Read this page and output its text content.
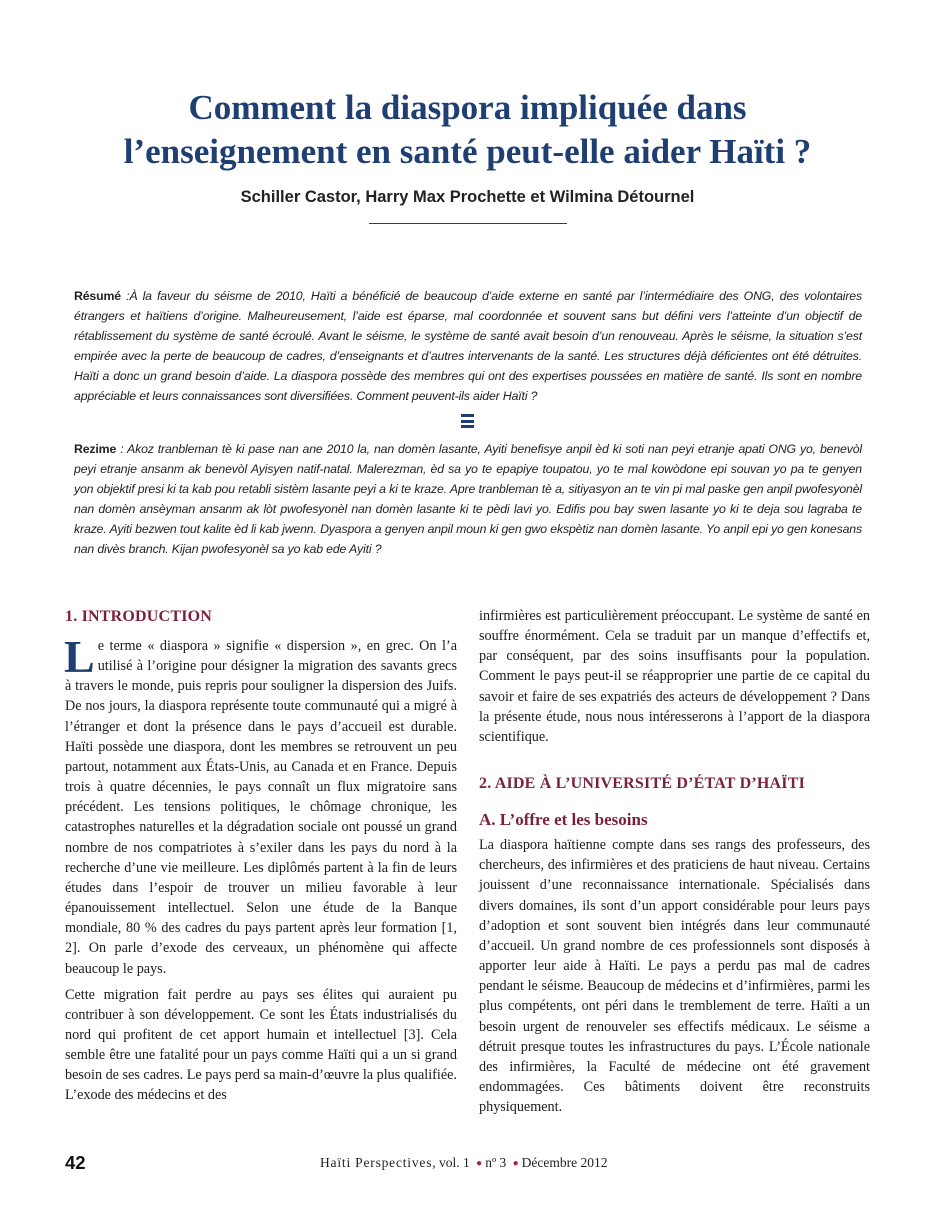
Comment la diaspora impliquée dans
l’enseignement en santé peut-elle aider Haïti ?
Schiller Castor, Harry Max Prochette et Wilmina Détournel

Résumé :À la faveur du séisme de 2010, Haïti a bénéficié de beaucoup d’aide externe en santé par l’intermédiaire des ONG, des volontaires étrangers et haïtiens d’origine. Malheureusement, l’aide est éparse, mal coordonnée et souvent sans but défini vers l’atteinte d’un objectif de rétablissement du système de santé écroulé. Avant le séisme, le système de santé avait besoin d’un renouveau. Après le séisme, la situation s’est empirée avec la perte de beaucoup de cadres, d’enseignants et d’autres intervenants de la santé. Les structures déjà déficientes ont été détruites. Haïti a donc un grand besoin d’aide. La diaspora possède des membres qui ont des expertises poussées en matière de santé. Ils sont en nombre appréciable et leurs connaissances sont diversifiées. Comment peuvent-ils aider Haïti ?

Rezime : Akoz tranbleman tè ki pase nan ane 2010 la, nan domèn lasante, Ayiti benefisye anpil èd ki soti nan peyi etranje apati ONG yo, benevòl peyi etranje ansanm ak benevòl Ayisyen natif-natal. Malerezman, èd sa yo te epapiye toupatou, yo te mal kowòdone epi souvan yo pa te genyen yon objektif presi ki ta kab pou retabli sistèm lasante peyi a ki te kraze. Apre tranbleman tè a, sitiyasyon an te vin pi mal paske gen anpil pwofesyonèl nan domèn ansèyman ansanm ak lòt pwofesyonèl nan domèn lasante ki te pèdi lavi yo. Edifis pou bay swen lasante yo ki te deja sou lagraba te kraze. Ayiti bezwen tout kalite èd li kab jwenn. Dyaspora a genyen anpil moun ki gen gwo ekspètiz nan domèn lasante. Yo anpil epi yo gen konesans nan divès branch. Kijan pwofesyonèl sa yo kab ede Ayiti ?

1. INTRODUCTION

Le terme « diaspora » signifie « dispersion », en grec. On l’a utilisé à l’origine pour désigner la migration des savants grecs à travers le monde, puis repris pour souligner la dispersion des Juifs. De nos jours, la diaspora représente toute communauté qui a migré à l’étranger et dont la présence dans le pays d’accueil est durable. Haïti possède une diaspora, dont les membres se retrouvent un peu partout, notamment aux États-Unis, au Canada et en France. Depuis trois à quatre décennies, le pays connaît un flux migratoire sans précédent. Les tensions politiques, le chômage chronique, les catastrophes naturelles et la dégradation sociale ont poussé un grand nombre de nos compatriotes à s’exiler dans les pays du nord à la recherche d’une vie meilleure. Les diplômés partent à la fin de leurs études dans l’espoir de trouver un milieu favorable à leur épanouissement intellectuel. Selon une étude de la Banque mondiale, 80 % des cadres du pays partent après leur formation [1, 2]. On parle d’exode des cerveaux, un phénomène qui affecte beaucoup le pays.

Cette migration fait perdre au pays ses élites qui auraient pu contribuer à son développement. Ce sont les États industrialisés du nord qui profitent de cet apport humain et intellectuel [3]. Cela semble être une fatalité pour un pays comme Haïti qui a un si grand besoin de ses cadres. Le pays perd sa main-d’œuvre la plus qualifiée. L’exode des médecins et des

infirmières est particulièrement préoccupant. Le système de santé en souffre énormément. Cela se traduit par un manque d’effectifs et, par conséquent, par des soins insuffisants pour la population. Comment le pays peut-il se réapproprier une partie de ce capital du savoir et faire de ses expatriés des acteurs de développement ? Dans la présente étude, nous nous intéresserons à l’apport de la diaspora scientifique.

2. AIDE À L’UNIVERSITÉ D’ÉTAT D’HAÏTI
A. L’offre et les besoins

La diaspora haïtienne compte dans ses rangs des professeurs, des chercheurs, des infirmières et des praticiens de haut niveau. Certains jouissent d’une reconnaissance internationale. Spécialisés dans divers domaines, ils sont d’un apport considérable pour leurs pays d’adoption et sont souvent bien intégrés dans leur communauté d’accueil. Un grand nombre de ces professionnels sont disposés à apporter leur aide à Haïti. Le pays a perdu pas mal de cadres pendant le séisme. Beaucoup de médecins et d’infirmières, parmi les plus compétents, ont péri dans le tremblement de terre. Haïti a un besoin urgent de renouveler ses effectifs médicaux. Le séisme a détruit presque toutes les infrastructures du pays. L’École nationale des infirmières, la Faculté de médecine ont été gravement endommagées. Ces bâtiments doivent être reconstruits physiquement.

42	Haïti Perspectives, vol. 1 ● nº 3 ● Décembre 2012
